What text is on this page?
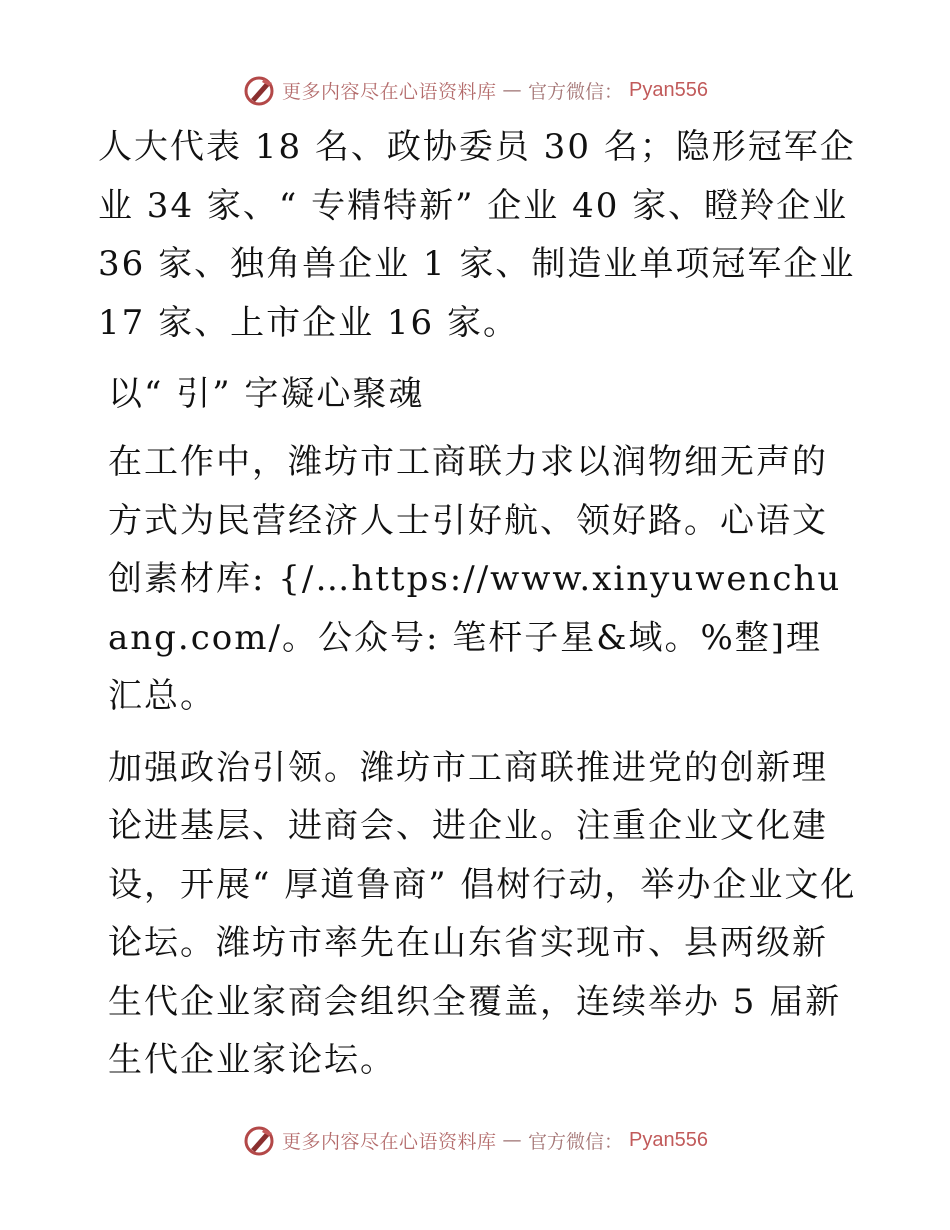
更多内容尽在心语资料库 — 官方微信： Pyan556

人大代表 18 名、政协委员 30 名；隐形冠军企业 34 家、“ 专精特新” 企业 40 家、瞪羚企业 36 家、独角兽企业 1 家、制造业单项冠军企业 17 家、上市企业 16 家。

以“ 引” 字凝心聚魂

在工作中，潍坊市工商联力求以润物细无声的方式为民营经济人士引好航、领好路。心语文创素材库: {/…https://www.xinyuwenchuang.com/。公众号: 笔杆子星&域。%整]理汇总。

加强政治引领。潍坊市工商联推进党的创新理论进基层、进商会、进企业。注重企业文化建设，开展“ 厚道鲁商” 倡树行动，举办企业文化论坛。潍坊市率先在山东省实现市、县两级新生代企业家商会组织全覆盖，连续举办 5 届新生代企业家论坛。

更多内容尽在心语资料库 — 官方微信： Pyan556
